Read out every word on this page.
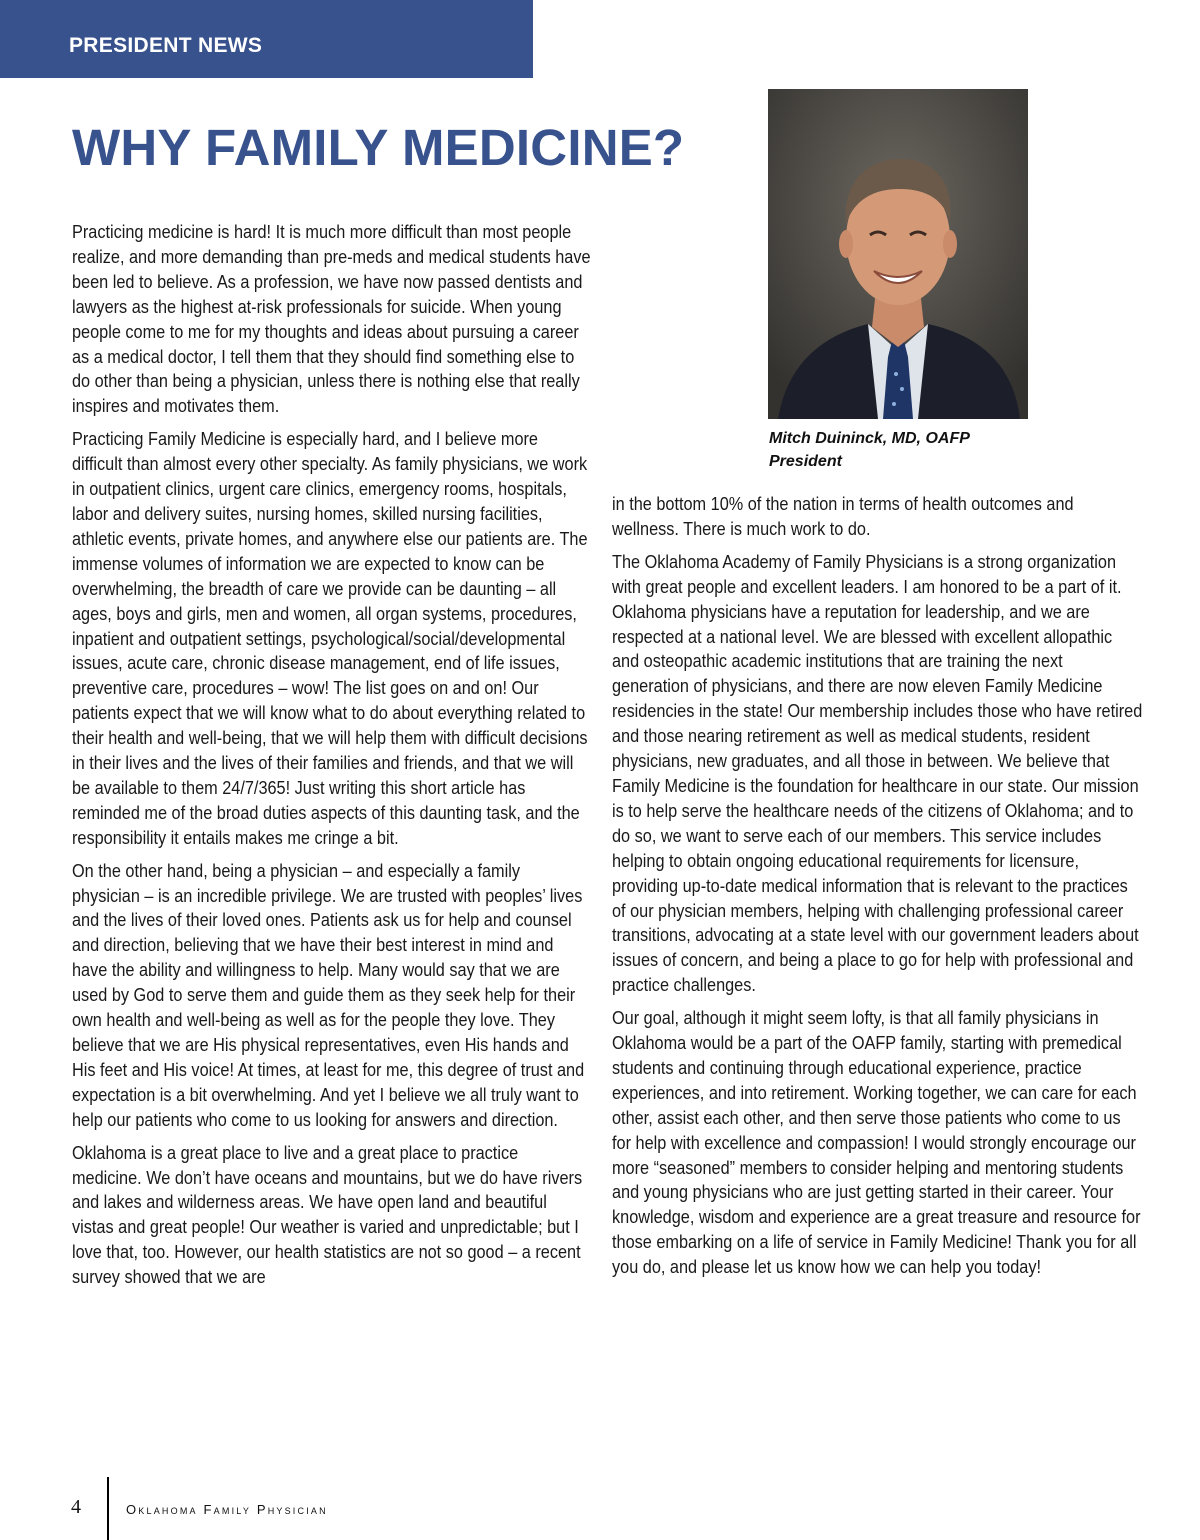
PRESIDENT NEWS
WHY FAMILY MEDICINE?

Practicing medicine is hard! It is much more difficult than most people realize, and more demanding than pre-meds and medical students have been led to believe. As a profession, we have now passed dentists and lawyers as the highest at-risk professionals for suicide. When young people come to me for my thoughts and ideas about pursuing a career as a medical doctor, I tell them that they should find something else to do other than being a physician, unless there is nothing else that really inspires and motivates them.

Practicing Family Medicine is especially hard, and I believe more difficult than almost every other specialty. As family physicians, we work in outpatient clinics, urgent care clinics, emergency rooms, hospitals, labor and delivery suites, nursing homes, skilled nursing facilities, athletic events, private homes, and anywhere else our patients are. The immense volumes of information we are expected to know can be overwhelming, the breadth of care we provide can be daunting – all ages, boys and girls, men and women, all organ systems, procedures, inpatient and outpatient settings, psychological/social/developmental issues, acute care, chronic disease management, end of life issues, preventive care, procedures – wow! The list goes on and on! Our patients expect that we will know what to do about everything related to their health and well-being, that we will help them with difficult decisions in their lives and the lives of their families and friends, and that we will be available to them 24/7/365! Just writing this short article has reminded me of the broad duties aspects of this daunting task, and the responsibility it entails makes me cringe a bit.

On the other hand, being a physician – and especially a family physician – is an incredible privilege. We are trusted with peoples’ lives and the lives of their loved ones. Patients ask us for help and counsel and direction, believing that we have their best interest in mind and have the ability and willingness to help. Many would say that we are used by God to serve them and guide them as they seek help for their own health and well-being as well as for the people they love. They believe that we are His physical representatives, even His hands and His feet and His voice! At times, at least for me, this degree of trust and expectation is a bit overwhelming. And yet I believe we all truly want to help our patients who come to us looking for answers and direction.

Oklahoma is a great place to live and a great place to practice medicine. We don’t have oceans and mountains, but we do have rivers and lakes and wilderness areas. We have open land and beautiful vistas and great people! Our weather is varied and unpredictable; but I love that, too. However, our health statistics are not so good – a recent survey showed that we are

Mitch Duininck, MD, OAFP
President

in the bottom 10% of the nation in terms of health outcomes and wellness. There is much work to do.

The Oklahoma Academy of Family Physicians is a strong organization with great people and excellent leaders. I am honored to be a part of it. Oklahoma physicians have a reputation for leadership, and we are respected at a national level. We are blessed with excellent allopathic and osteopathic academic institutions that are training the next generation of physicians, and there are now eleven Family Medicine residencies in the state! Our membership includes those who have retired and those nearing retirement as well as medical students, resident physicians, new graduates, and all those in between. We believe that Family Medicine is the foundation for healthcare in our state. Our mission is to help serve the healthcare needs of the citizens of Oklahoma; and to do so, we want to serve each of our members. This service includes helping to obtain ongoing educational requirements for licensure, providing up-to-date medical information that is relevant to the practices of our physician members, helping with challenging professional career transitions, advocating at a state level with our government leaders about issues of concern, and being a place to go for help with professional and practice challenges.

Our goal, although it might seem lofty, is that all family physicians in Oklahoma would be a part of the OAFP family, starting with premedical students and continuing through educational experience, practice experiences, and into retirement. Working together, we can care for each other, assist each other, and then serve those patients who come to us for help with excellence and compassion! I would strongly encourage our more “seasoned” members to consider helping and mentoring students and young physicians who are just getting started in their career. Your knowledge, wisdom and experience are a great treasure and resource for those embarking on a life of service in Family Medicine! Thank you for all you do, and please let us know how we can help you today!

4	Oklahoma Family Physician
